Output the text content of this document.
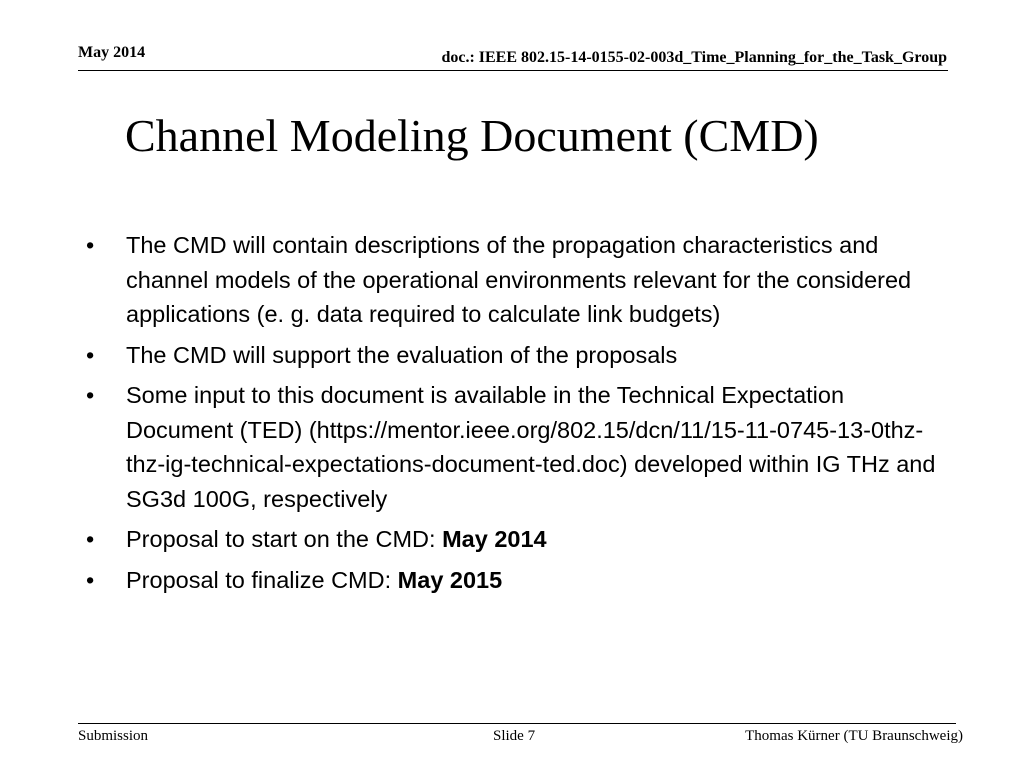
May 2014	doc.: IEEE 802.15-14-0155-02-003d_Time_Planning_for_the_Task_Group
Channel Modeling Document (CMD)
• The CMD will contain descriptions of the propagation characteristics and channel models of the operational environments relevant for the considered applications (e. g. data required to calculate link budgets)
• The CMD will support the evaluation of the proposals
• Some input to this document is available in the Technical Expectation Document (TED) (https://mentor.ieee.org/802.15/dcn/11/15-11-0745-13-0thz-thz-ig-technical-expectations-document-ted.doc) developed within IG THz and SG3d 100G, respectively
• Proposal to start on the CMD: May 2014
• Proposal to finalize CMD: May 2015
Submission	Slide 7	Thomas Kürner (TU Braunschweig)
